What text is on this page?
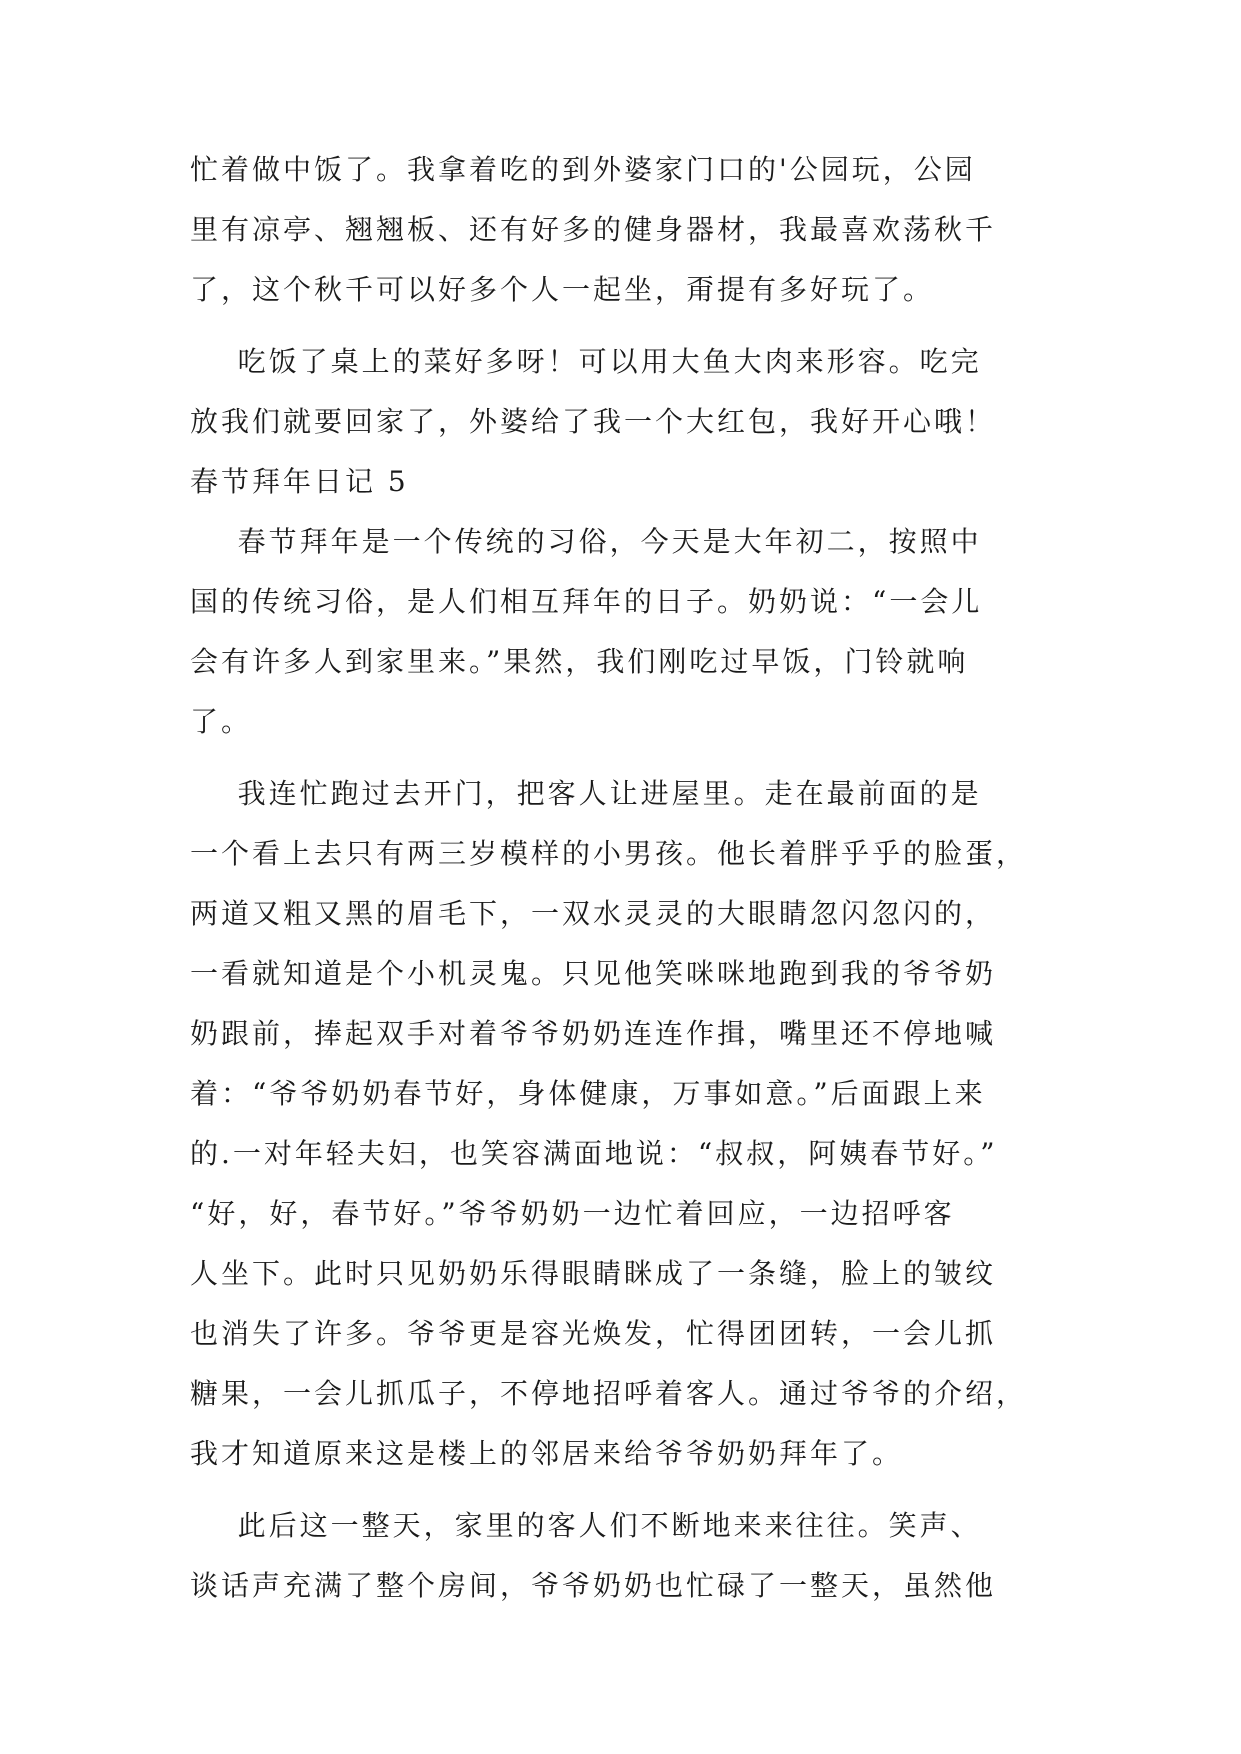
忙着做中饭了。我拿着吃的到外婆家门口的'公园玩，公园
里有凉亭、翘翘板、还有好多的健身器材，我最喜欢荡秋千
了，这个秋千可以好多个人一起坐，甭提有多好玩了。
吃饭了桌上的菜好多呀！可以用大鱼大肉来形容。吃完
放我们就要回家了，外婆给了我一个大红包，我好开心哦！
春节拜年日记 5
春节拜年是一个传统的习俗，今天是大年初二，按照中
国的传统习俗，是人们相互拜年的日子。奶奶说：“一会儿
会有许多人到家里来。”果然，我们刚吃过早饭，门铃就响
了。
我连忙跑过去开门，把客人让进屋里。走在最前面的是
一个看上去只有两三岁模样的小男孩。他长着胖乎乎的脸蛋，
两道又粗又黑的眉毛下，一双水灵灵的大眼睛忽闪忽闪的，
一看就知道是个小机灵鬼。只见他笑咪咪地跑到我的爷爷奶
奶跟前，捧起双手对着爷爷奶奶连连作揖，嘴里还不停地喊
着：“爷爷奶奶春节好，身体健康，万事如意。”后面跟上来
的.一对年轻夫妇，也笑容满面地说：“叔叔，阿姨春节好。”
“好，好，春节好。”爷爷奶奶一边忙着回应，一边招呼客
人坐下。此时只见奶奶乐得眼睛眯成了一条缝，脸上的皱纹
也消失了许多。爷爷更是容光焕发，忙得团团转，一会儿抓
糖果，一会儿抓瓜子，不停地招呼着客人。通过爷爷的介绍，
我才知道原来这是楼上的邻居来给爷爷奶奶拜年了。
此后这一整天，家里的客人们不断地来来往往。笑声、
谈话声充满了整个房间，爷爷奶奶也忙碌了一整天，虽然他
